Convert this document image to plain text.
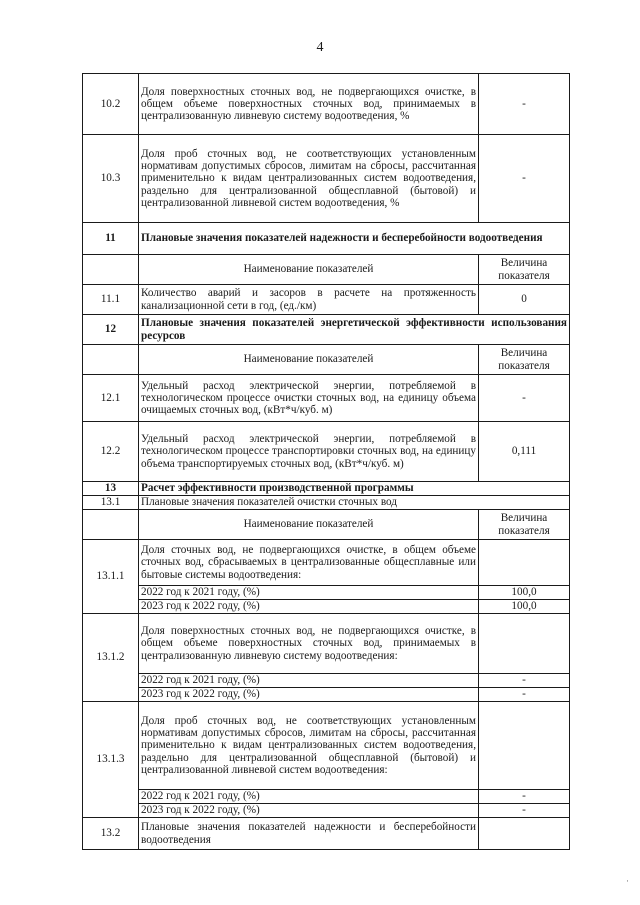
4
10.2	Доля поверхностных сточных вод, не подвергающихся очистке, в общем объеме поверхностных сточных вод, принимаемых в централизованную ливневую систему водоотведения, %	-
10.3	Доля проб сточных вод, не соответствующих установленным нормативам допустимых сбросов, лимитам на сбросы, рассчитанная применительно к видам централизованных систем водоотведения, раздельно для централизованной общесплавной (бытовой) и централизованной ливневой систем водоотведения, %	-
11	Плановые значения показателей надежности и бесперебойности водоотведения	
	Наименование показателей	Величина показателя
11.1	Количество аварий и засоров в расчете на протяженность канализационной сети в год, (ед./км)	0
12	Плановые значения показателей энергетической эффективности использования ресурсов	
	Наименование показателей	Величина показателя
12.1	Удельный расход электрической энергии, потребляемой в технологическом процессе очистки сточных вод, на единицу объема очищаемых сточных вод, (кВт*ч/куб. м)	-
12.2	Удельный расход электрической энергии, потребляемой в технологическом процессе транспортировки сточных вод, на единицу объема транспортируемых сточных вод, (кВт*ч/куб. м)	0,111
13	Расчет эффективности производственной программы	
13.1	Плановые значения показателей очистки сточных вод	
	Наименование показателей	Величина показателя
13.1.1	Доля сточных вод, не подвергающихся очистке, в общем объеме сточных вод, сбрасываемых в централизованные общесплавные или бытовые системы водоотведения:	
	2022 год к 2021 году, (%)	100,0
	2023 год к 2022 году, (%)	100,0
13.1.2	Доля поверхностных сточных вод, не подвергающихся очистке, в общем объеме поверхностных сточных вод, принимаемых в централизованную ливневую систему водоотведения:	
	2022 год к 2021 году, (%)	-
	2023 год к 2022 году, (%)	-
13.1.3	Доля проб сточных вод, не соответствующих установленным нормативам допустимых сбросов, лимитам на сбросы, рассчитанная применительно к видам централизованных систем водоотведения, раздельно для централизованной общесплавной (бытовой) и централизованной ливневой систем водоотведения:	
	2022 год к 2021 году, (%)	-
	2023 год к 2022 году, (%)	-
13.2	Плановые значения показателей надежности и бесперебойности водоотведения	
·
